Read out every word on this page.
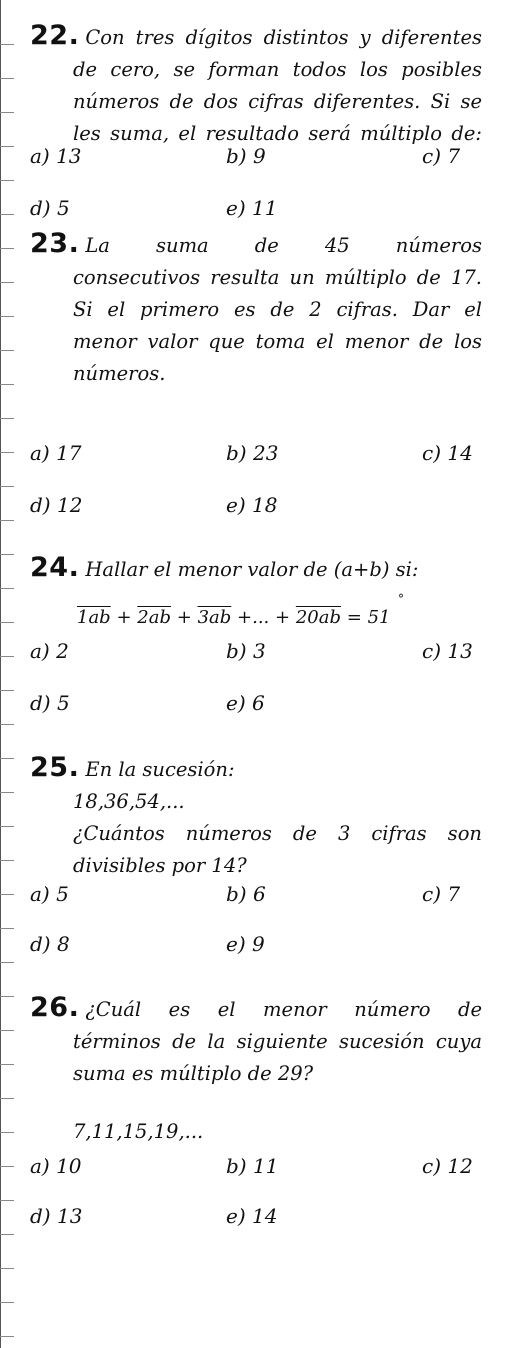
22. Con tres dígitos distintos y diferentes

de cero, se forman todos los posibles

números de dos cifras diferentes. Si se

les suma, el resultado será múltiplo de:

a) 13	b) 9	c) 7
d) 5	e) 11

23. La suma de 45 números

consecutivos resulta un múltiplo de 17.

Si el primero es de 2 cifras. Dar el

menor valor que toma el menor de los

números.

a) 17	b) 23	c) 14
d) 12	e) 18

24. Hallar el menor valor de (a+b) si:

1ab + 2ab + 3ab +... + 20ab = 51
°
a) 2	b) 3	c) 13
d) 5	e) 6

25. En la sucesión:

18,36,54,...

¿Cuántos números de 3 cifras son

divisibles por 14?

a) 5	b) 6	c) 7
d) 8	e) 9

26. ¿Cuál es el menor número de

términos de la siguiente sucesión cuya

suma es múltiplo de 29?

7,11,15,19,...

a) 10	b) 11	c) 12
d) 13	e) 14
